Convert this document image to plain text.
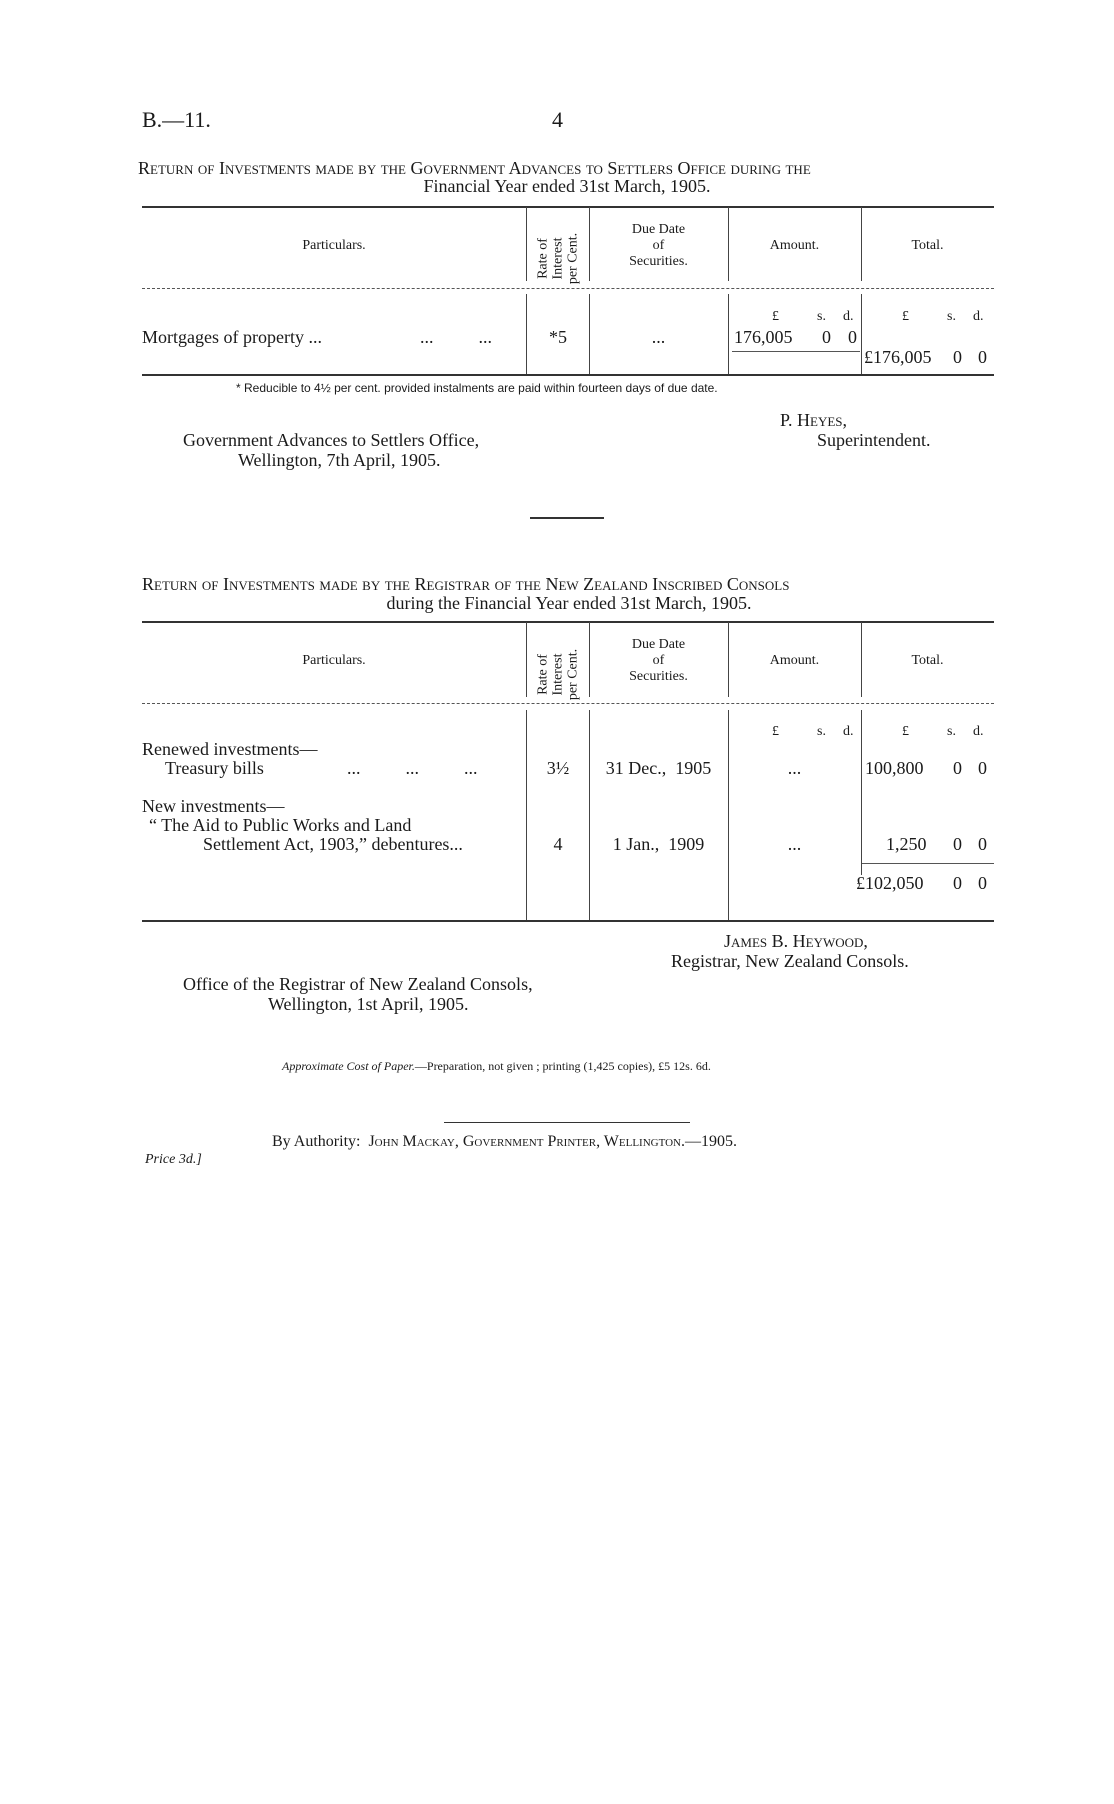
B.—11.	4
Return of Investments made by the Government Advances to Settlers Office during the
Financial Year ended 31st March, 1905.
Particulars.	Rate of Interest per Cent.
Due Date
of
Securities.
Amount.	Total.
£	s. d.	£	s. d.
Mortgages of property ...	...          ...	*5	...	176,005 0 0
£176,005 0 0
* Reducible to 4½ per cent. provided instalments are paid within fourteen days of due date.
P. Heyes,
Superintendent.
Government Advances to Settlers Office,
Wellington, 7th April, 1905.
Return of Investments made by the Registrar of the New Zealand Inscribed Consols
during the Financial Year ended 31st March, 1905.
Particulars.	Rate of Interest per Cent.
Due Date
of
Securities.
Amount.	Total.
£	s. d.	£	s. d.
Renewed investments—
Treasury bills	...          ...          ...	3½	31 Dec.,  1905	...	100,800 0 0
New investments—
“ The Aid to Public Works and Land
Settlement Act, 1903,” debentures...	4	1 Jan.,  1909	...	1,250 0 0
£102,050 0 0
James B. Heywood,
Registrar, New Zealand Consols.
Office of the Registrar of New Zealand Consols,
Wellington, 1st April, 1905.
Approximate Cost of Paper.—Preparation, not given ; printing (1,425 copies), £5 12s. 6d.
By Authority: John Mackay, Government Printer, Wellington.—1905.
Price 3d.]
